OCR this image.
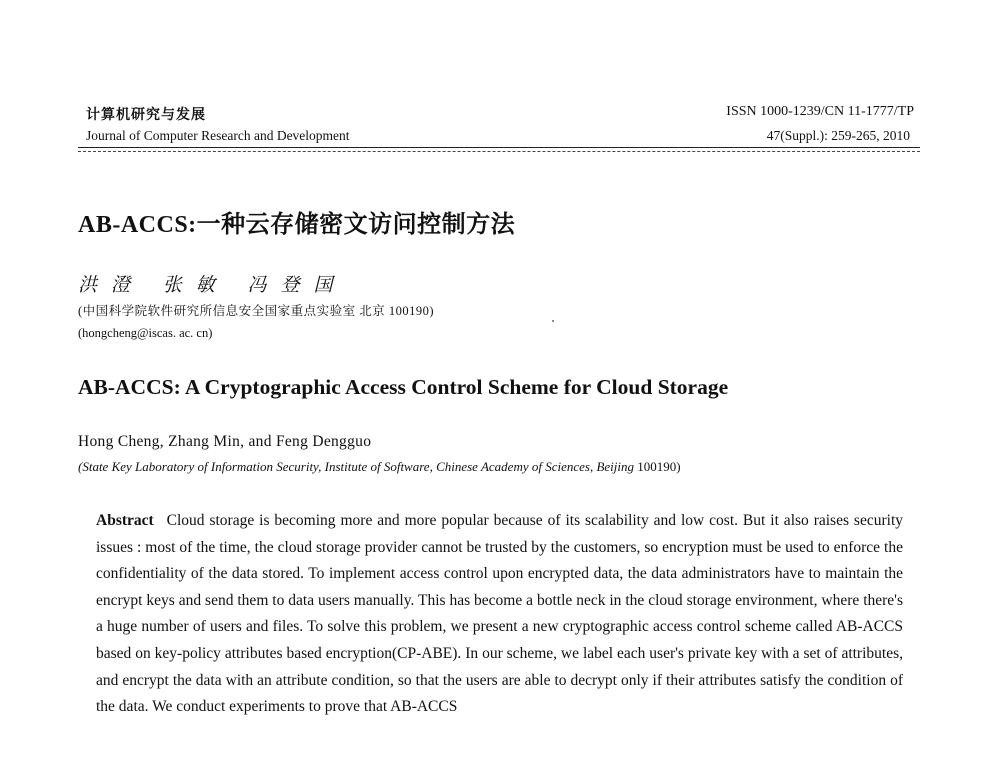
计算机研究与发展
Journal of Computer Research and Development
ISSN 1000-1239/CN 11-1777/TP
47(Suppl.): 259-265, 2010
AB-ACCS:一种云存储密文访问控制方法
洪澄 张敏 冯登国
(中国科学院软件研究所信息安全国家重点实验室 北京 100190)
(hongcheng@iscas. ac. cn)
AB-ACCS: A Cryptographic Access Control Scheme for Cloud Storage
Hong Cheng, Zhang Min, and Feng Dengguo
(State Key Laboratory of Information Security, Institute of Software, Chinese Academy of Sciences, Beijing 100190)
Abstract Cloud storage is becoming more and more popular because of its scalability and low cost. But it also raises security issues : most of the time, the cloud storage provider cannot be trusted by the customers, so encryption must be used to enforce the confidentiality of the data stored. To implement access control upon encrypted data, the data administrators have to maintain the encrypt keys and send them to data users manually. This has become a bottle neck in the cloud storage environment, where there's a huge number of users and files. To solve this problem, we present a new cryptographic access control scheme called AB-ACCS based on key-policy attributes based encryption(CP-ABE). In our scheme, we label each user's private key with a set of attributes, and encrypt the data with an attribute condition, so that the users are able to decrypt only if their attributes satisfy the condition of the data. We conduct experiments to prove that AB-ACCS
